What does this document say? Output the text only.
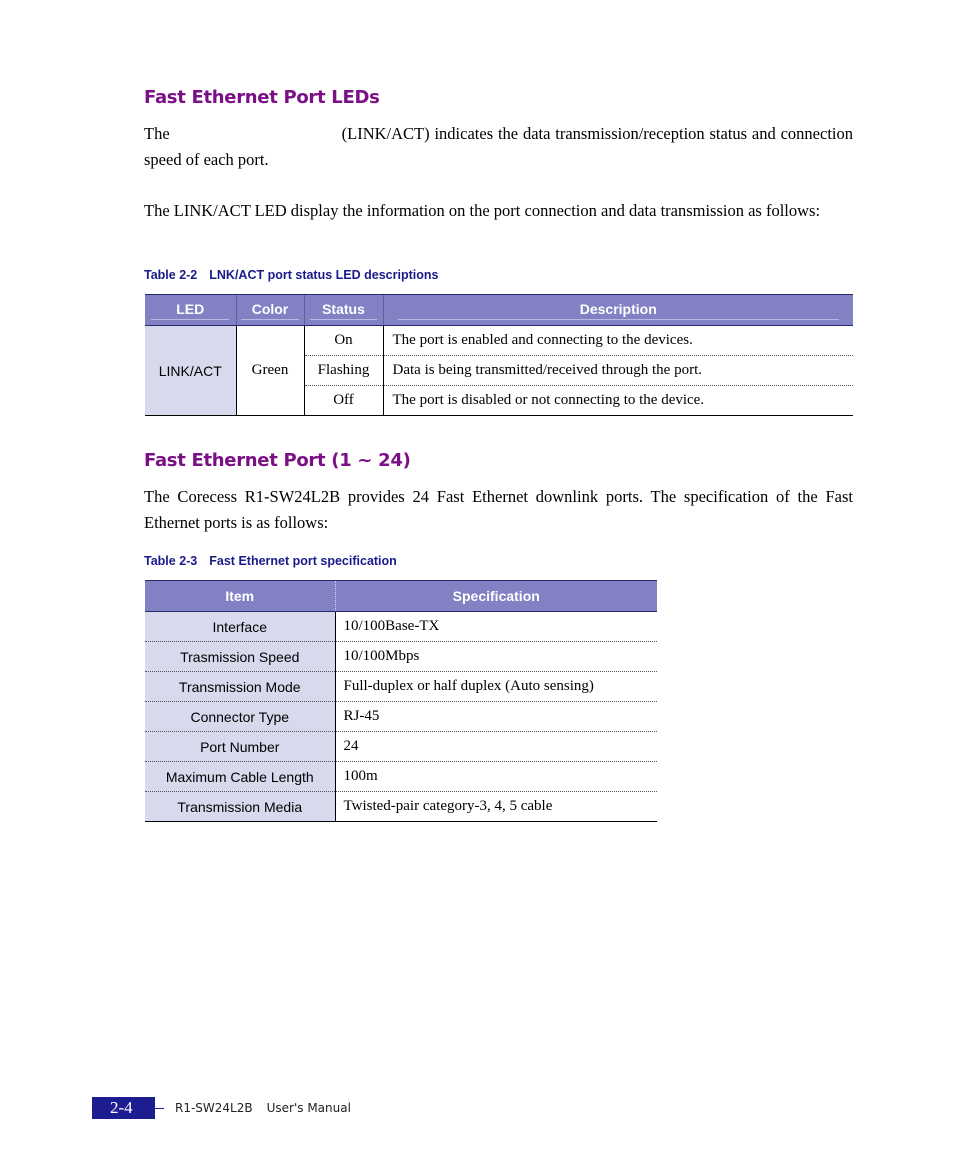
Fast Ethernet Port LEDs

The	(LINK/ACT) indicates the data transmission/reception status and connection speed of each port.

The LINK/ACT LED display the information on the port connection and data transmission as follows:

Table 2-2 LNK/ACT port status LED descriptions
LED	Color	Status	Description
LINK/ACT	Green	On	The port is enabled and connecting to the devices.
		Flashing	Data is being transmitted/received through the port.
		Off	The port is disabled or not connecting to the device.
Fast Ethernet Port (1 ~ 24)

The Corecess R1-SW24L2B provides 24 Fast Ethernet downlink ports. The specification of the Fast Ethernet ports is as follows:

Table 2-3 Fast Ethernet port specification
Item	Specification
Interface	10/100Base-TX
Trasmission Speed	10/100Mbps
Transmission Mode	Full-duplex or half duplex (Auto sensing)
Connector Type	RJ-45
Port Number	24
Maximum Cable Length	100m
Transmission Media	Twisted-pair category-3, 4, 5 cable
2-4	R1-SW24L2B User's Manual
